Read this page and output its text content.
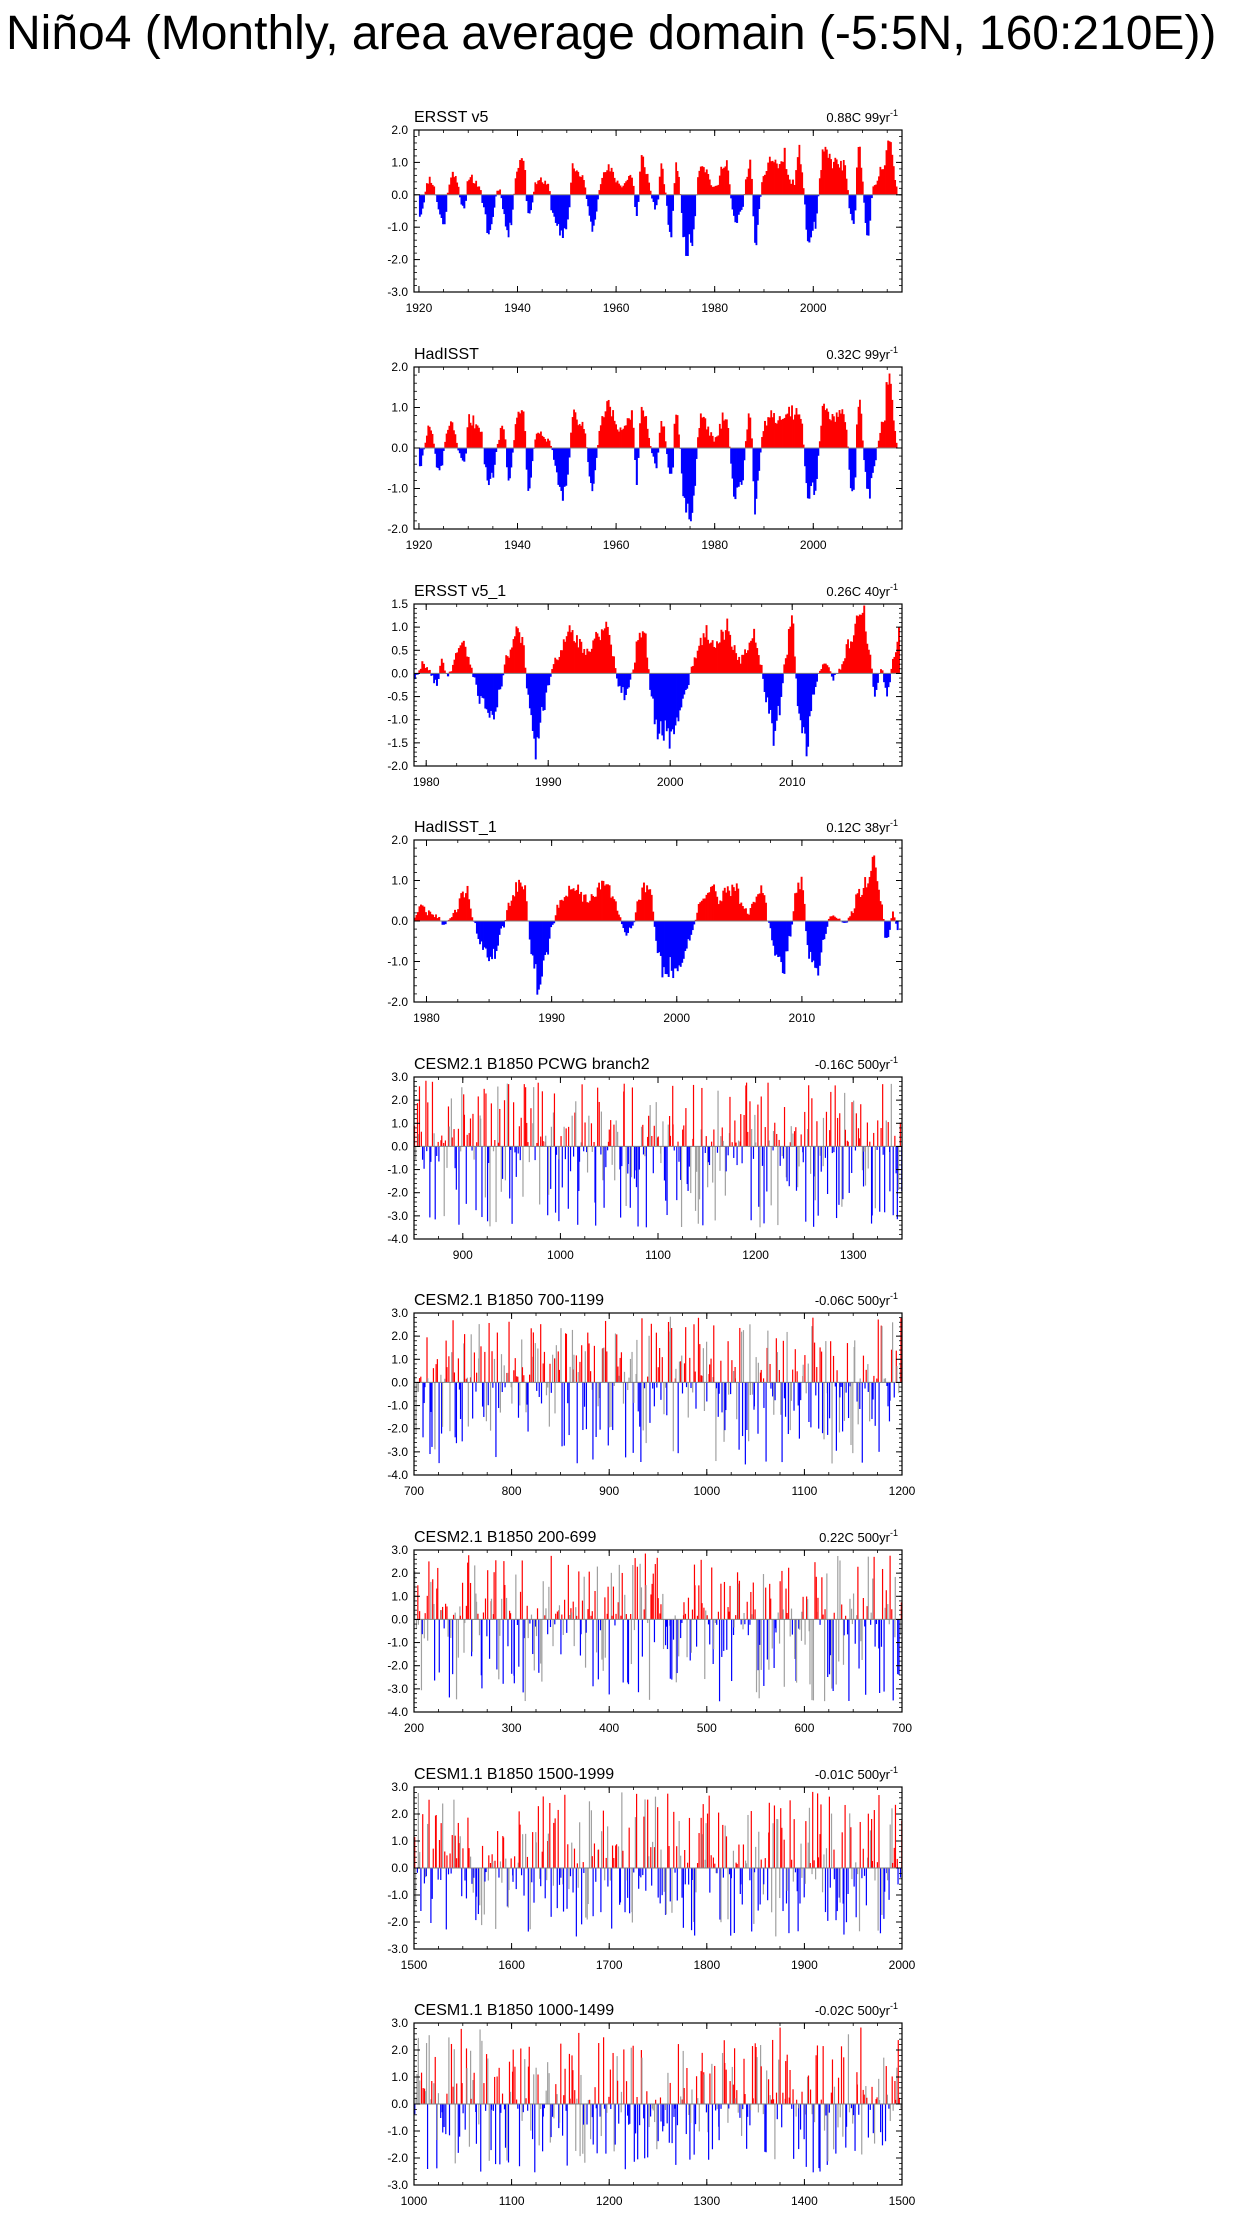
Niño4 (Monthly, area average domain (-5:5N, 160:210E))
ERSST v5	0.88C $99yr^{-1}$
2.0
1.0
0.0
-1.0
-2.0
-3.0
1920	1940	1960	1980	2000
HadISST	0.32C $99yr^{-1}$
2.0
1.0
0.0
-1.0
-2.0
1920	1940	1960	1980	2000
ERSST v5_1	0.26C $40yr^{-1}$
1.5
1.0
0.5
0.0
-0.5
-1.0
-1.5
-2.0
1980	1990	2000	2010
HadISST_1	0.12C $38yr^{-1}$
2.0
1.0
0.0
-1.0
-2.0
1980	1990	2000	2010
CESM2.1 B1850 PCWG branch2	-0.16C $500yr^{-1}$
3.0
2.0
1.0
0.0
-1.0
-2.0
-3.0
-4.0
900	1000	1100	1200	1300
CESM2.1 B1850 700-1199	-0.06C $500yr^{-1}$
3.0
2.0
1.0
0.0
-1.0
-2.0
-3.0
-4.0
700	800	900	1000	1100	1200
CESM2.1 B1850 200-699	0.22C $500yr^{-1}$
3.0
2.0
1.0
0.0
-1.0
-2.0
-3.0
-4.0
200	300	400	500	600	700
CESM1.1 B1850 1500-1999	-0.01C $500yr^{-1}$
3.0
2.0
1.0
0.0
-1.0
-2.0
-3.0
1500	1600	1700	1800	1900	2000
CESM1.1 B1850 1000-1499	-0.02C $500yr^{-1}$
3.0
2.0
1.0
0.0
-1.0
-2.0
-3.0
1000	1100	1200	1300	1400	1500
